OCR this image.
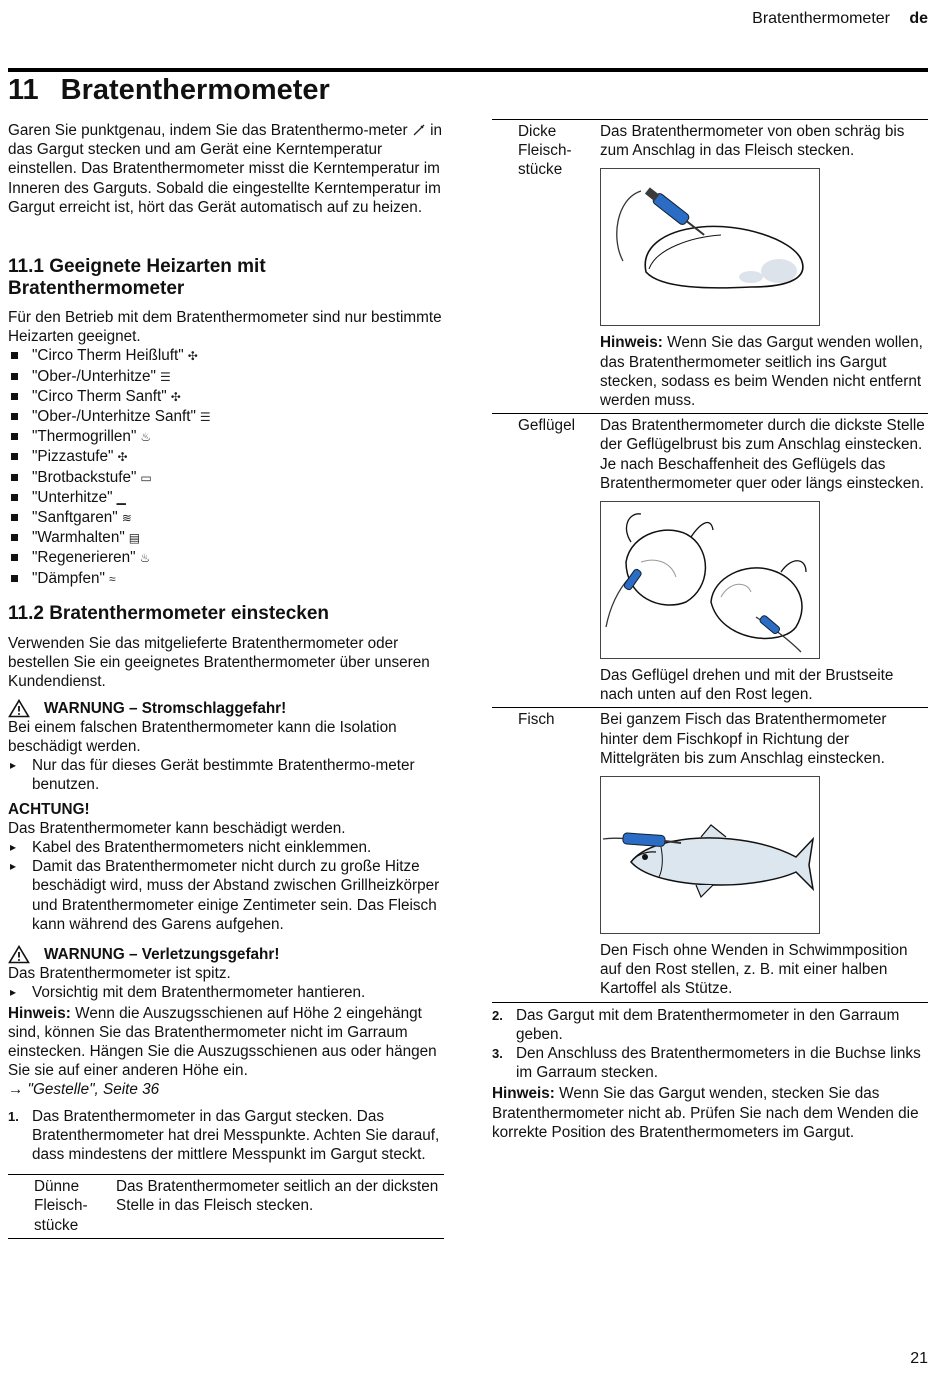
Bratenthermometer de
11 Bratenthermometer
Garen Sie punktgenau, indem Sie das Bratenthermo-meter in das Gargut stecken und am Gerät eine Kerntemperatur einstellen. Das Bratenthermometer misst die Kerntemperatur im Inneren des Garguts. Sobald die eingestellte Kerntemperatur im Gargut erreicht ist, hört das Gerät automatisch auf zu heizen.
11.1 Geeignete Heizarten mit Bratenthermometer

Für den Betrieb mit dem Bratenthermometer sind nur bestimmte Heizarten geeignet.

"Circo Therm Heißluft" ✣
"Ober-/Unterhitze" ☰
"Circo Therm Sanft" ✣
"Ober-/Unterhitze Sanft" ☰
"Thermogrillen" ♨
"Pizzastufe" ✣
"Brotbackstufe" ▭
"Unterhitze" ▁
"Sanftgaren" ≋
"Warmhalten" ▤
"Regenerieren" ♨
"Dämpfen" ≈
11.2 Bratenthermometer einstecken

Verwenden Sie das mitgelieferte Bratenthermometer oder bestellen Sie ein geeignetes Bratenthermometer über unseren Kundendienst.

WARNUNG – Stromschlaggefahr!

Bei einem falschen Bratenthermometer kann die Isolation beschädigt werden.

▸ Nur das für dieses Gerät bestimmte Bratenthermo-meter benutzen.

ACHTUNG!

Das Bratenthermometer kann beschädigt werden.

▸ Kabel des Bratenthermometers nicht einklemmen.
▸ Damit das Bratenthermometer nicht durch zu große Hitze beschädigt wird, muss der Abstand zwischen Grillheizkörper und Bratenthermometer einige Zentimeter sein. Das Fleisch kann während des Garens aufgehen.
WARNUNG – Verletzungsgefahr!

Das Bratenthermometer ist spitz.

▸ Vorsichtig mit dem Bratenthermometer hantieren.

Hinweis: Wenn die Auszugsschienen auf Höhe 2 eingehängt sind, können Sie das Bratenthermometer nicht im Garraum einstecken. Hängen Sie die Auszugsschienen aus oder hängen Sie sie auf einer anderen Höhe ein.

→ "Gestelle", Seite 36

1. Das Bratenthermometer in das Gargut stecken. Das Bratenthermometer hat drei Messpunkte. Achten Sie darauf, dass mindestens der mittlere Messpunkt im Gargut steckt.
Dünne Fleisch-stücke	Das Bratenthermometer seitlich an der dicksten Stelle in das Fleisch stecken.
Dicke Fleisch-stücke	Das Bratenthermometer von oben schräg bis zum Anschlag in das Fleisch stecken.
Hinweis: Wenn Sie das Gargut wenden wollen, das Bratenthermometer seitlich ins Gargut stecken, sodass es beim Wenden nicht entfernt werden muss.

Geflügel	Das Bratenthermometer durch die dickste Stelle der Geflügelbrust bis zum Anschlag einstecken. Je nach Beschaffenheit des Geflügels das Bratenthermometer quer oder längs einstecken.
Das Geflügel drehen und mit der Brustseite nach unten auf den Rost legen.

Fisch	Bei ganzem Fisch das Bratenthermometer hinter dem Fischkopf in Richtung der Mittelgräten bis zum Anschlag einstecken.
Den Fisch ohne Wenden in Schwimmposition auf den Rost stellen, z. B. mit einer halben Kartoffel als Stütze.
2. Das Gargut mit dem Bratenthermometer in den Garraum geben.
3. Den Anschluss des Bratenthermometers in die Buchse links im Garraum stecken.

Hinweis: Wenn Sie das Gargut wenden, stecken Sie das Bratenthermometer nicht ab. Prüfen Sie nach dem Wenden die korrekte Position des Bratenthermometers im Gargut.

21
